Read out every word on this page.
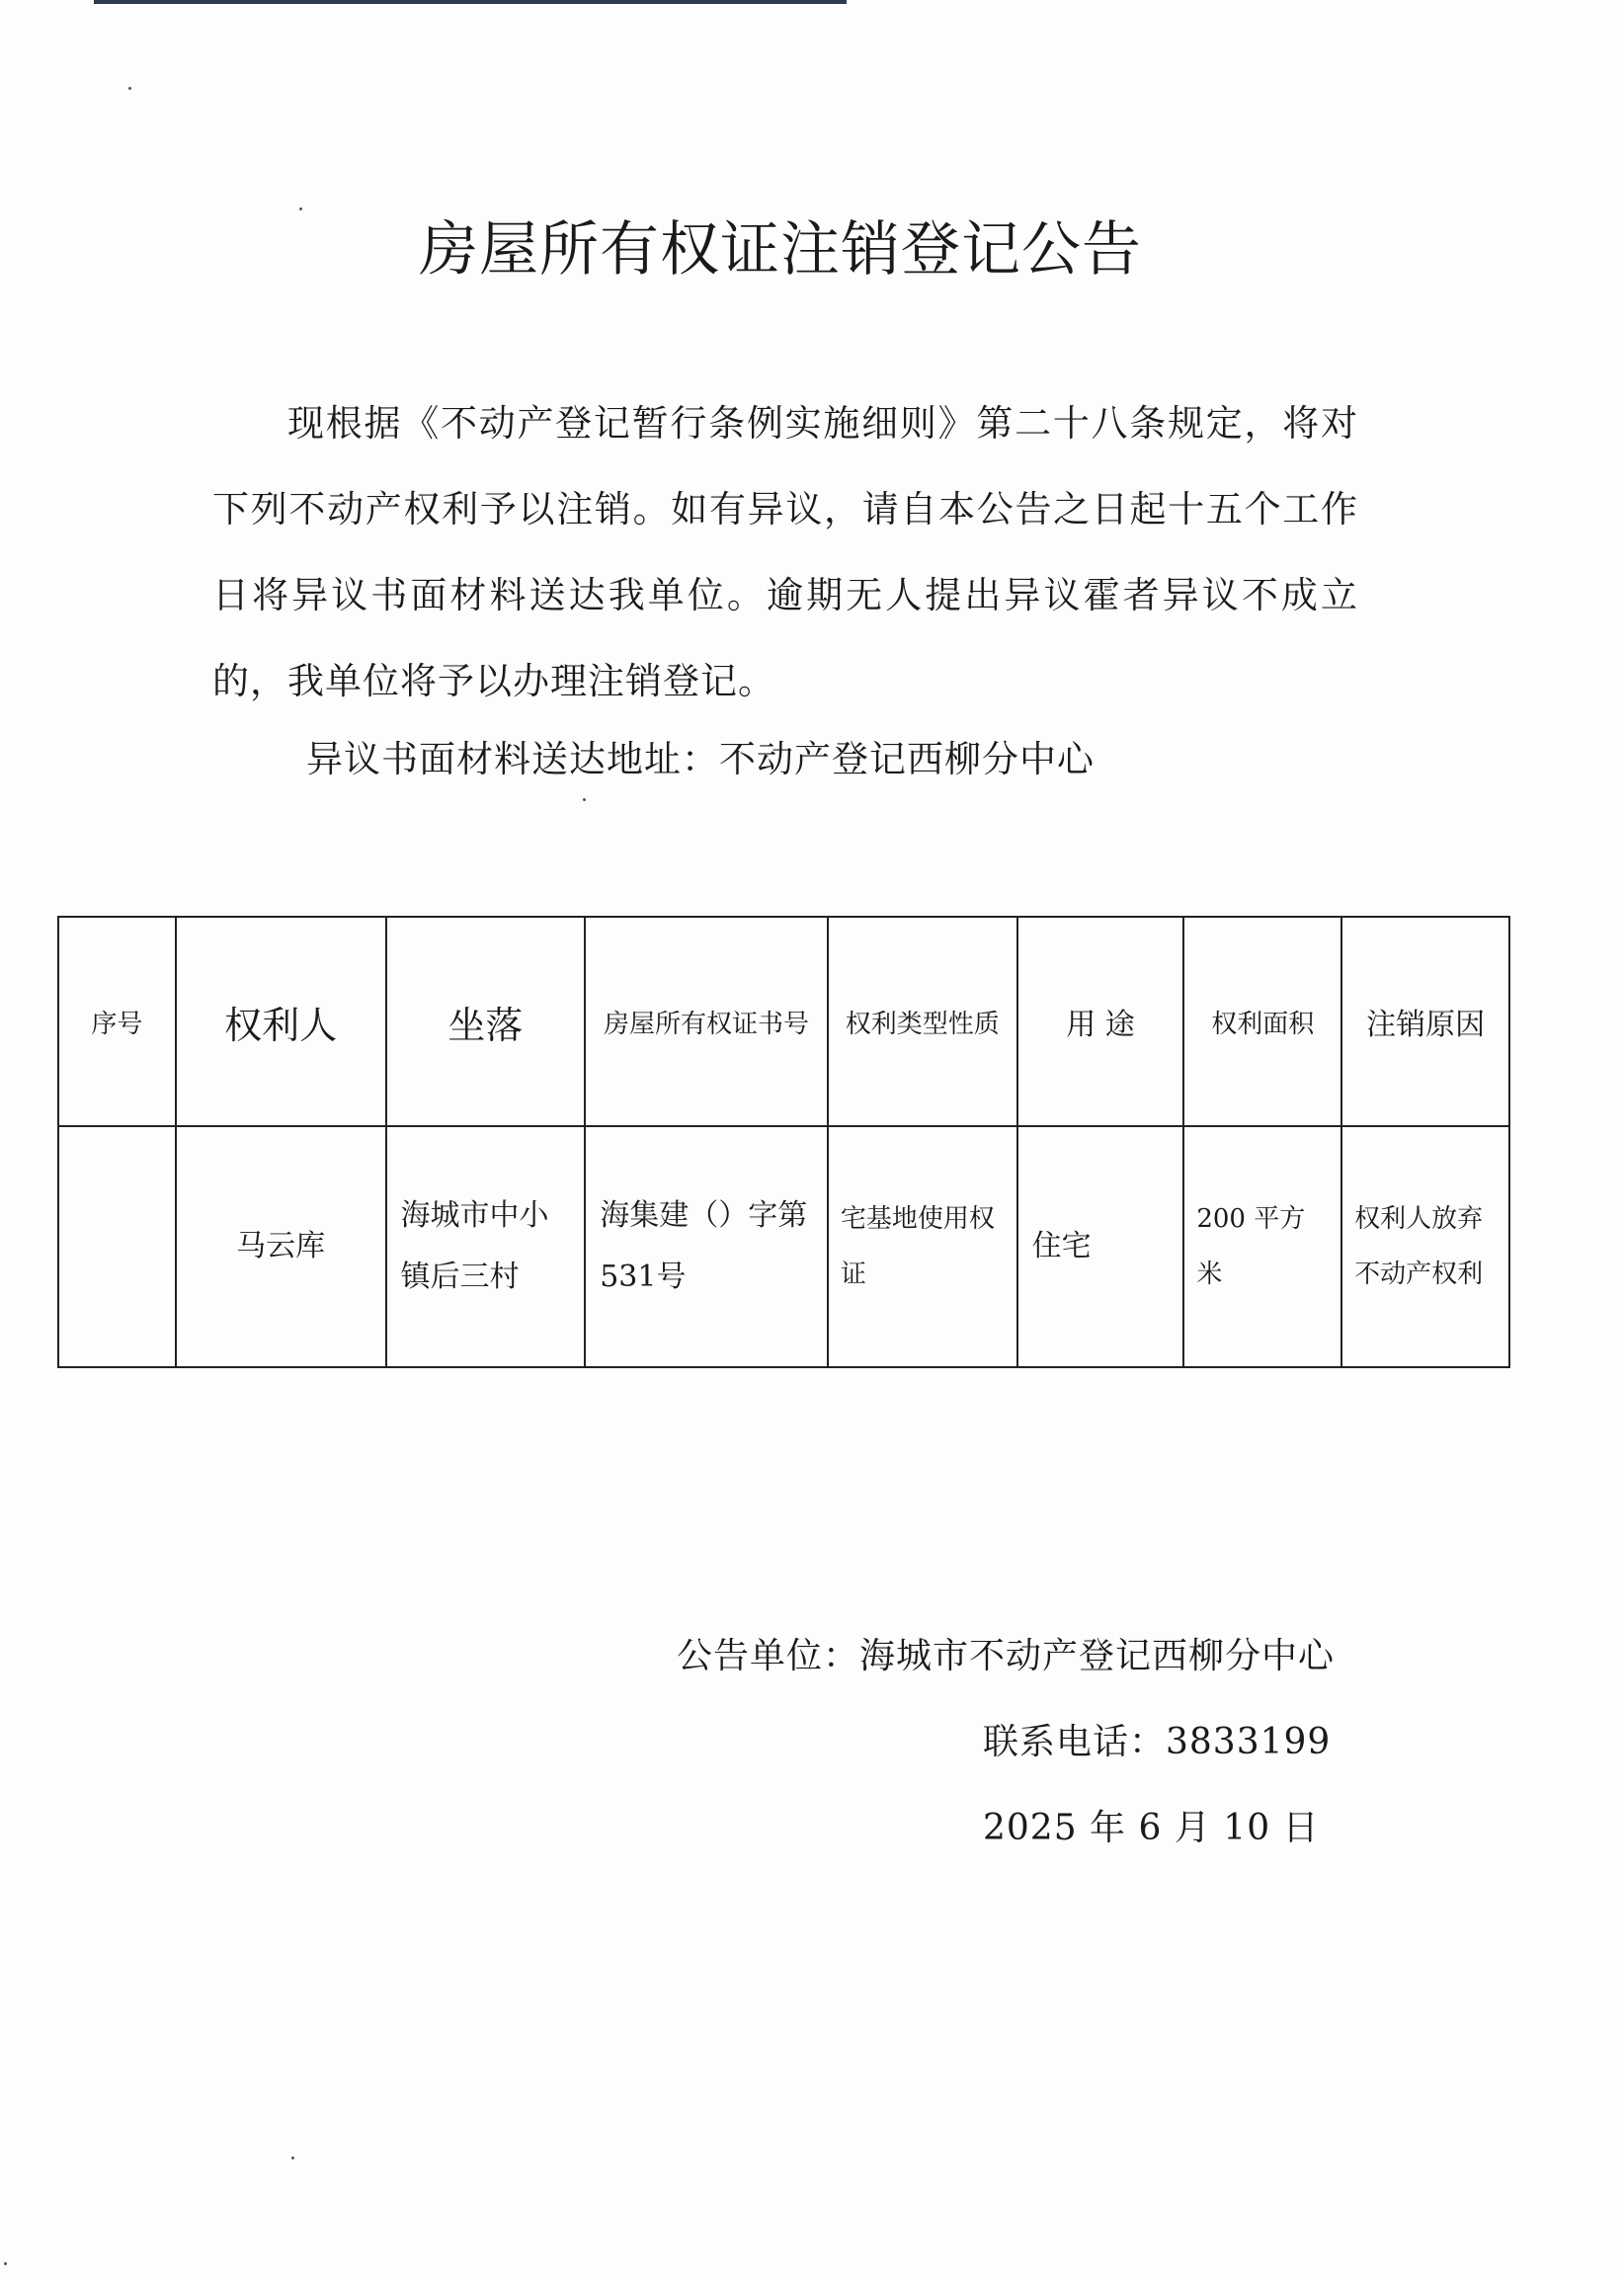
房屋所有权证注销登记公告
现根据《不动产登记暂行条例实施细则》第二十八条规定，将对下列不动产权利予以注销。如有异议，请自本公告之日起十五个工作日将异议书面材料送达我单位。逾期无人提出异议霍者异议不成立的，我单位将予以办理注销登记。
异议书面材料送达地址：不动产登记西柳分中心
序号	权利人	坐落	房屋所有权证书号	权利类型性质	用 途	权利面积	注销原因
	马云库	海城市中小镇后三村	海集建（）字第531号	宅基地使用权证	住宅	200 平方米	权利人放弃不动产权利
公告单位：海城市不动产登记西柳分中心
联系电话：3833199
2025 年 6 月 10 日
